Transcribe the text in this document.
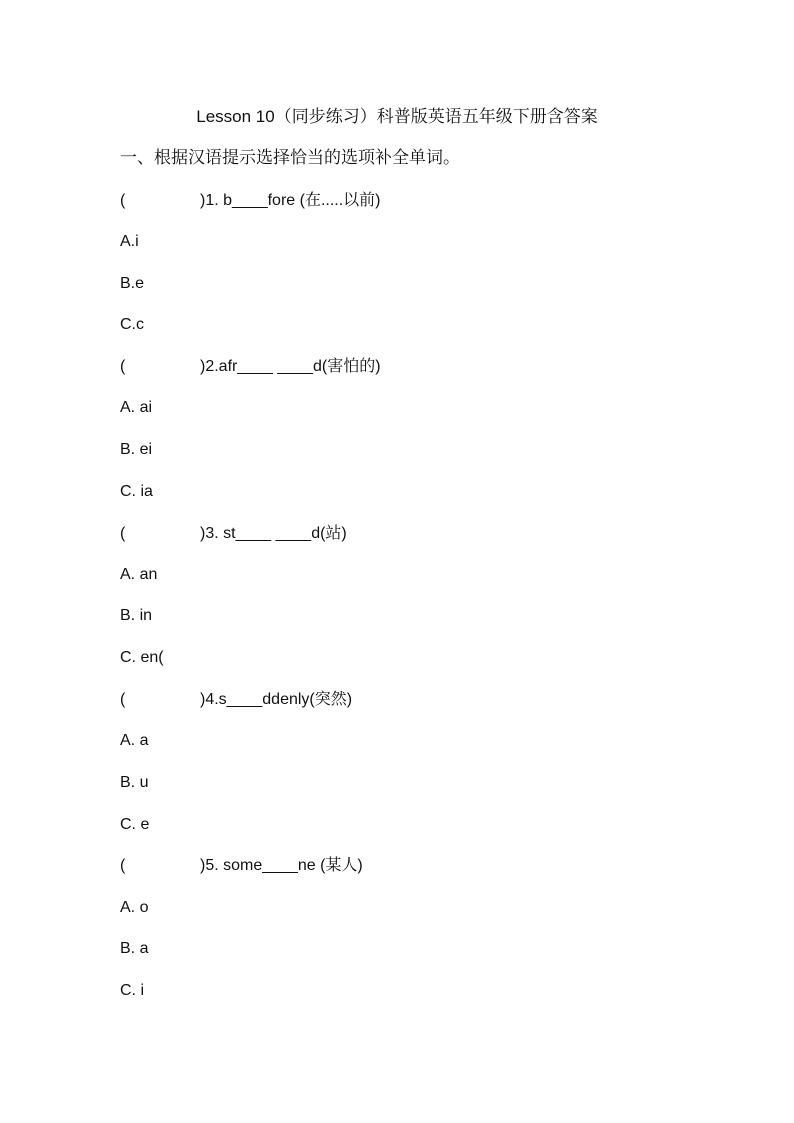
Lesson 10（同步练习）科普版英语五年级下册含答案
一、根据汉语提示选择恰当的选项补全单词。
(	)1. b____fore (在.....以前)
A.i
B.e
C.c
(	)2.afr____ ____d(害怕的)
A. ai
B. ei
C. ia
(	)3. st____ ____d(站)
A. an
B. in
C. en(
(	)4.s____ddenly(突然)
A. a
B. u
C. e
(	)5. some____ne (某人)
A. o
B. a
C. i
